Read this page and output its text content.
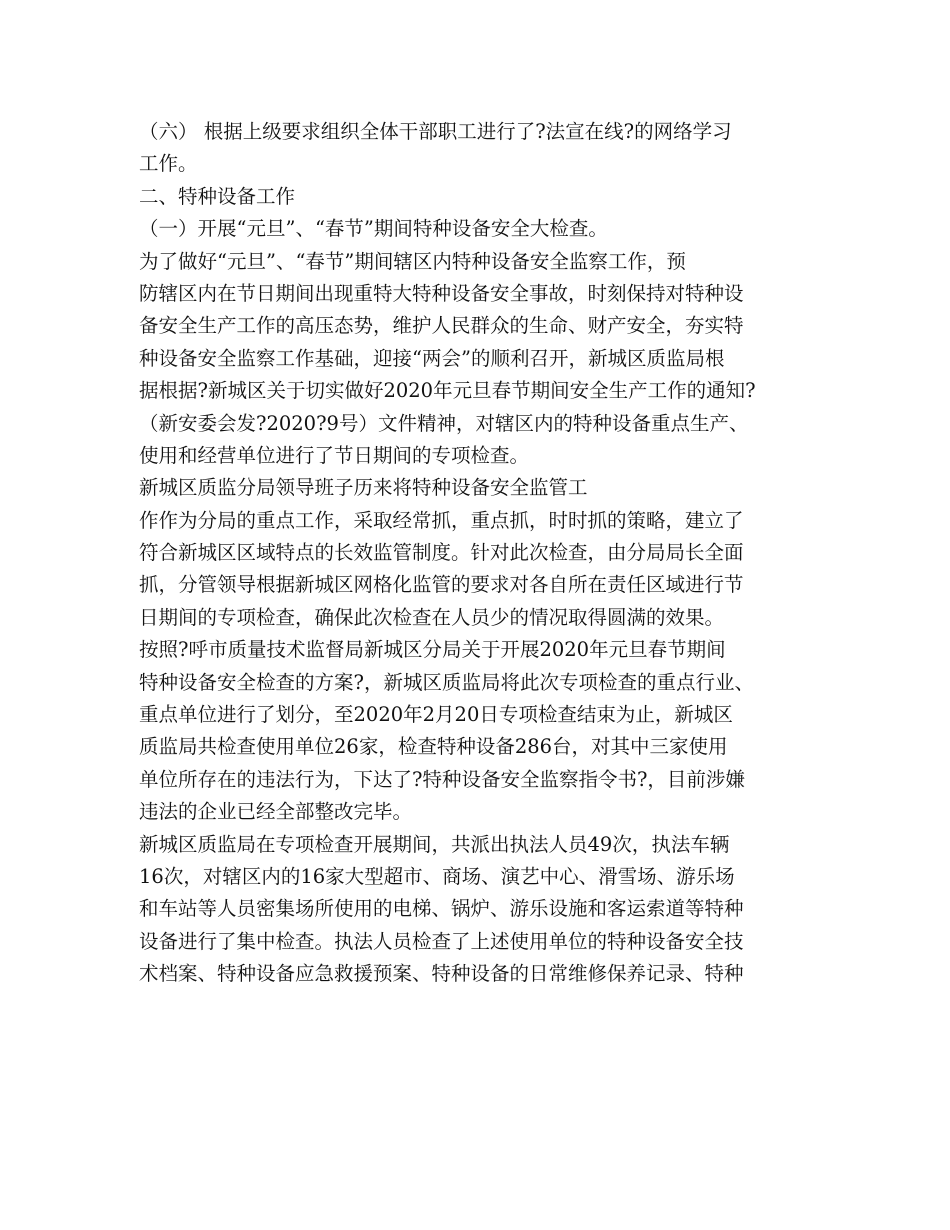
（六） 根据上级要求组织全体干部职工进行了?法宣在线?的网络学习
工作。
二、特种设备工作
（一）开展“元旦”、“春节”期间特种设备安全大检查。
为了做好“元旦”、“春节”期间辖区内特种设备安全监察工作，预
防辖区内在节日期间出现重特大特种设备安全事故，时刻保持对特种设
备安全生产工作的高压态势，维护人民群众的生命、财产安全，夯实特
种设备安全监察工作基础，迎接“两会”的顺利召开，新城区质监局根
据根据?新城区关于切实做好2020年元旦春节期间安全生产工作的通知?
（新安委会发?2020?9号）文件精神，对辖区内的特种设备重点生产、
使用和经营单位进行了节日期间的专项检查。
新城区质监分局领导班子历来将特种设备安全监管工
作作为分局的重点工作，采取经常抓，重点抓，时时抓的策略，建立了
符合新城区区域特点的长效监管制度。针对此次检查，由分局局长全面
抓，分管领导根据新城区网格化监管的要求对各自所在责任区域进行节
日期间的专项检查，确保此次检查在人员少的情况取得圆满的效果。
按照?呼市质量技术监督局新城区分局关于开展2020年元旦春节期间
特种设备安全检查的方案?，新城区质监局将此次专项检查的重点行业、
重点单位进行了划分，至2020年2月20日专项检查结束为止，新城区
质监局共检查使用单位26家，检查特种设备286台，对其中三家使用
单位所存在的违法行为，下达了?特种设备安全监察指令书?，目前涉嫌
违法的企业已经全部整改完毕。
新城区质监局在专项检查开展期间，共派出执法人员49次，执法车辆
16次，对辖区内的16家大型超市、商场、演艺中心、滑雪场、游乐场
和车站等人员密集场所使用的电梯、锅炉、游乐设施和客运索道等特种
设备进行了集中检查。执法人员检查了上述使用单位的特种设备安全技
术档案、特种设备应急救援预案、特种设备的日常维修保养记录、特种
